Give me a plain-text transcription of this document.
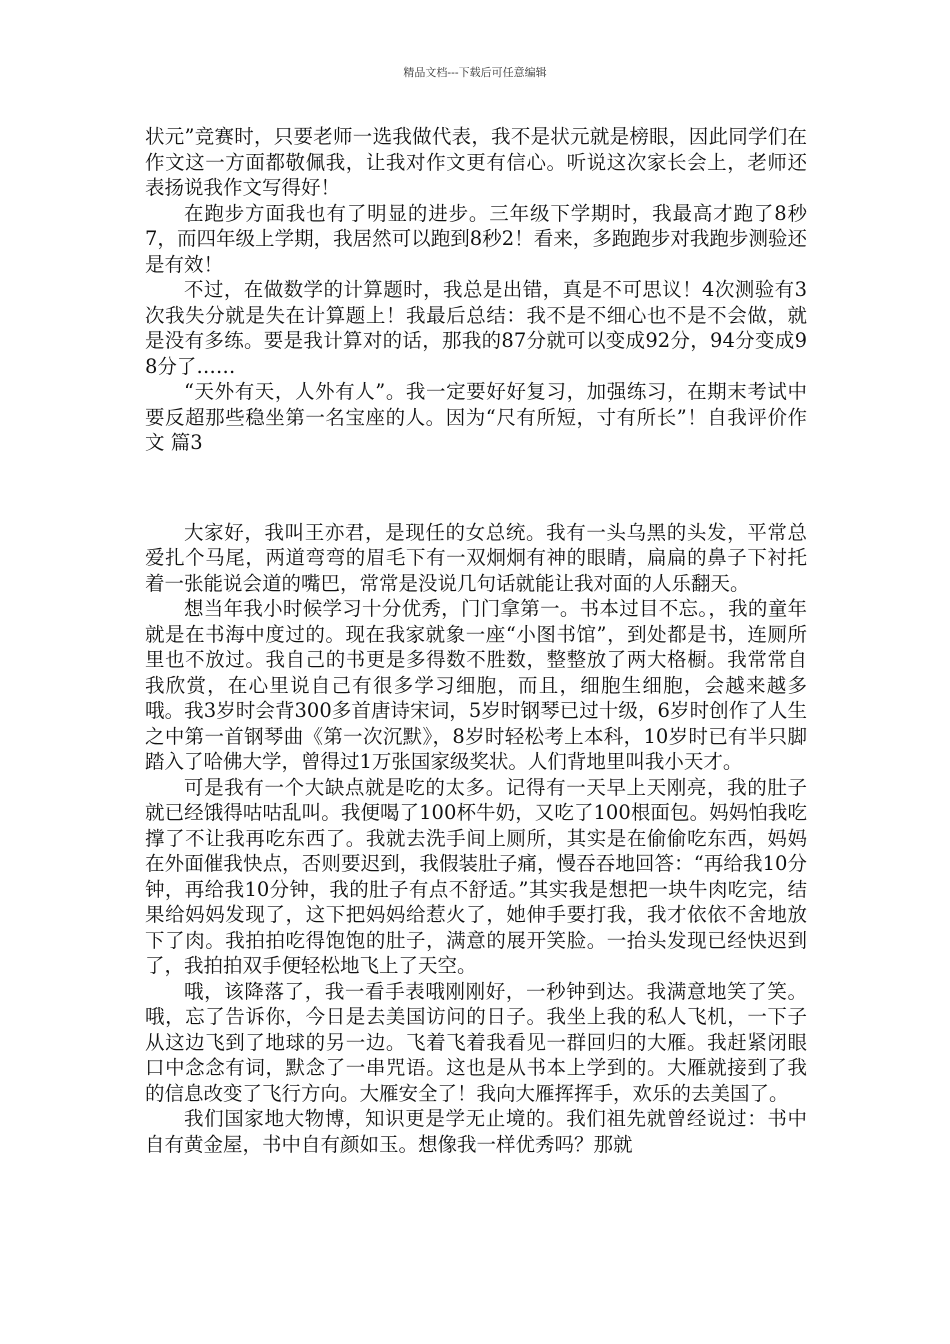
精品文档---下载后可任意编辑

状元”竞赛时，只要老师一选我做代表，我不是状元就是榜眼，因此同学们在作文这一方面都敬佩我，让我对作文更有信心。听说这次家长会上，老师还表扬说我作文写得好！

在跑步方面我也有了明显的进步。三年级下学期时，我最高才跑了8秒7，而四年级上学期，我居然可以跑到8秒2！看来，多跑跑步对我跑步测验还是有效！

不过，在做数学的计算题时，我总是出错，真是不可思议！4次测验有3次我失分就是失在计算题上！我最后总结：我不是不细心也不是不会做，就是没有多练。要是我计算对的话，那我的87分就可以变成92分，94分变成98分了……

“天外有天，人外有人”。我一定要好好复习，加强练习，在期末考试中要反超那些稳坐第一名宝座的人。因为“尺有所短，寸有所长”！自我评价作文 篇3

大家好，我叫王亦君，是现任的女总统。我有一头乌黑的头发，平常总爱扎个马尾，两道弯弯的眉毛下有一双炯炯有神的眼睛，扁扁的鼻子下衬托着一张能说会道的嘴巴，常常是没说几句话就能让我对面的人乐翻天。

想当年我小时候学习十分优秀，门门拿第一。书本过目不忘。，我的童年就是在书海中度过的。现在我家就象一座“小图书馆”，到处都是书，连厕所里也不放过。我自己的书更是多得数不胜数，整整放了两大格橱。我常常自我欣赏，在心里说自己有很多学习细胞，而且，细胞生细胞，会越来越多哦。我3岁时会背300多首唐诗宋词，5岁时钢琴已过十级，6岁时创作了人生之中第一首钢琴曲《第一次沉默》，8岁时轻松考上本科，10岁时已有半只脚踏入了哈佛大学，曾得过1万张国家级奖状。人们背地里叫我小天才。

可是我有一个大缺点就是吃的太多。记得有一天早上天刚亮，我的肚子就已经饿得咕咕乱叫。我便喝了100杯牛奶，又吃了100根面包。妈妈怕我吃撑了不让我再吃东西了。我就去洗手间上厕所，其实是在偷偷吃东西，妈妈在外面催我快点，否则要迟到，我假装肚子痛，慢吞吞地回答：“再给我10分钟，再给我10分钟，我的肚子有点不舒适。”其实我是想把一块牛肉吃完，结果给妈妈发现了，这下把妈妈给惹火了，她伸手要打我，我才依依不舍地放下了肉。我拍拍吃得饱饱的肚子，满意的展开笑脸。一抬头发现已经快迟到了，我拍拍双手便轻松地飞上了天空。

哦，该降落了，我一看手表哦刚刚好，一秒钟到达。我满意地笑了笑。哦，忘了告诉你，今日是去美国访问的日子。我坐上我的私人飞机，一下子从这边飞到了地球的另一边。飞着飞着我看见一群回归的大雁。我赶紧闭眼口中念念有词，默念了一串咒语。这也是从书本上学到的。大雁就接到了我的信息改变了飞行方向。大雁安全了！我向大雁挥挥手，欢乐的去美国了。

我们国家地大物博，知识更是学无止境的。我们祖先就曾经说过：书中自有黄金屋，书中自有颜如玉。想像我一样优秀吗？那就
